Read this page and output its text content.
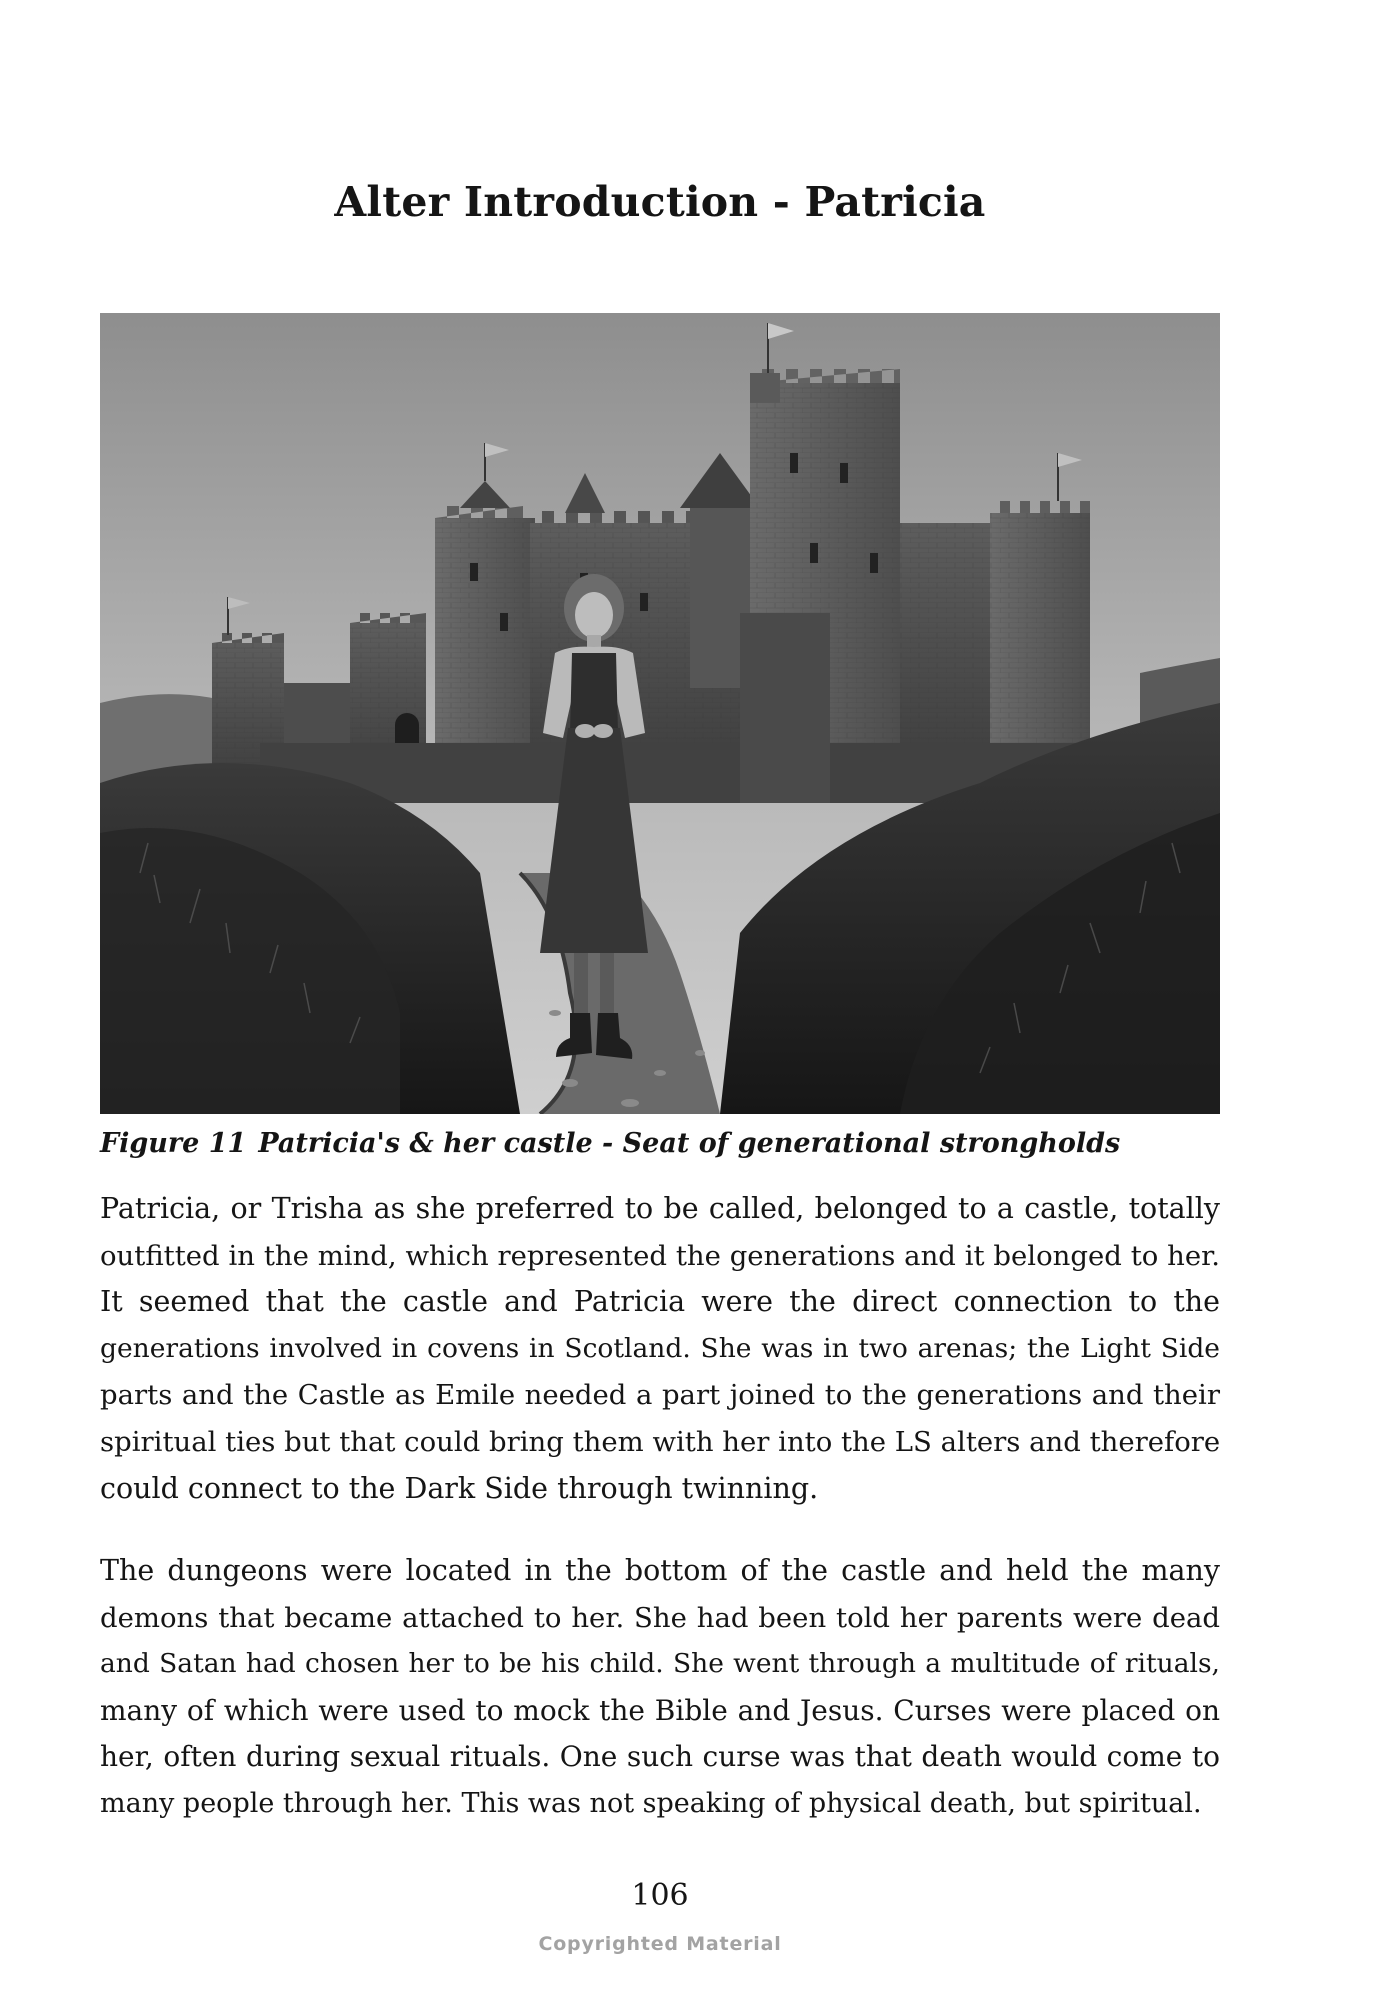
Alter Introduction - Patricia

Figure 11 Patricia's & her castle - Seat of generational strongholds

Patricia, or Trisha as she preferred to be called, belonged to a castle, totally
outfitted in the mind, which represented the generations and it belonged to her.
It seemed that the castle and Patricia were the direct connection to the
generations involved in covens in Scotland. She was in two arenas; the Light Side
parts and the Castle as Emile needed a part joined to the generations and their
spiritual ties but that could bring them with her into the LS alters and therefore
could connect to the Dark Side through twinning.

The dungeons were located in the bottom of the castle and held the many
demons that became attached to her. She had been told her parents were dead
and Satan had chosen her to be his child. She went through a multitude of rituals,
many of which were used to mock the Bible and Jesus. Curses were placed on
her, often during sexual rituals. One such curse was that death would come to
many people through her. This was not speaking of physical death, but spiritual.

106

Copyrighted Material
